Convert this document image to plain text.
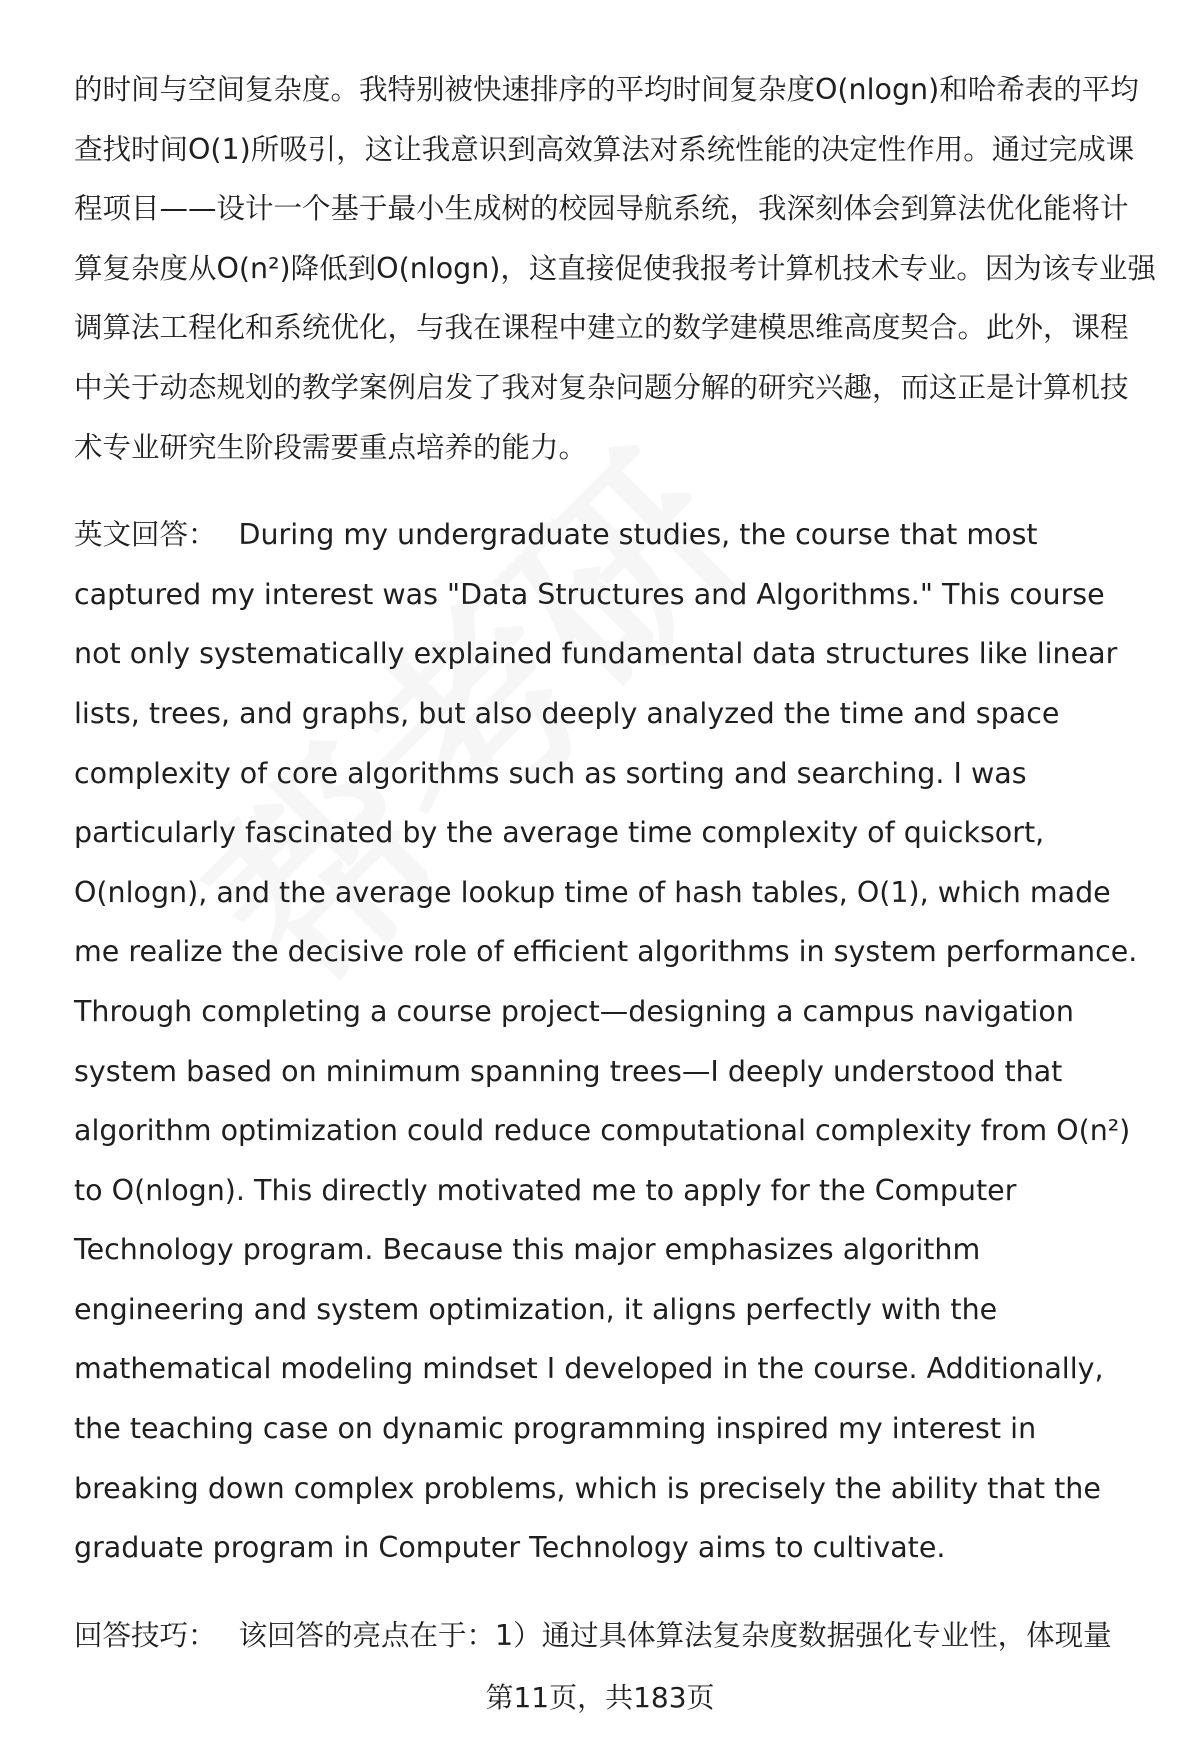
的时间与空间复杂度。我特别被快速排序的平均时间复杂度O(nlogn)和哈希表的平均查找时间O(1)所吸引，这让我意识到高效算法对系统性能的决定性作用。通过完成课程项目——设计一个基于最小生成树的校园导航系统，我深刻体会到算法优化能将计算复杂度从O(n²)降低到O(nlogn)，这直接促使我报考计算机技术专业。因为该专业强调算法工程化和系统优化，与我在课程中建立的数学建模思维高度契合。此外，课程中关于动态规划的教学案例启发了我对复杂问题分解的研究兴趣，而这正是计算机技术专业研究生阶段需要重点培养的能力。

英文回答： During my undergraduate studies, the course that most captured my interest was "Data Structures and Algorithms." This course not only systematically explained fundamental data structures like linear lists, trees, and graphs, but also deeply analyzed the time and space complexity of core algorithms such as sorting and searching. I was particularly fascinated by the average time complexity of quicksort, O(nlogn), and the average lookup time of hash tables, O(1), which made me realize the decisive role of efficient algorithms in system performance. Through completing a course project—designing a campus navigation system based on minimum spanning trees—I deeply understood that algorithm optimization could reduce computational complexity from O(n²) to O(nlogn). This directly motivated me to apply for the Computer Technology program. Because this major emphasizes algorithm engineering and system optimization, it aligns perfectly with the mathematical modeling mindset I developed in the course. Additionally, the teaching case on dynamic programming inspired my interest in breaking down complex problems, which is precisely the ability that the graduate program in Computer Technology aims to cultivate.

回答技巧： 该回答的亮点在于：1）通过具体算法复杂度数据强化专业性，体现量

第11页，共183页
